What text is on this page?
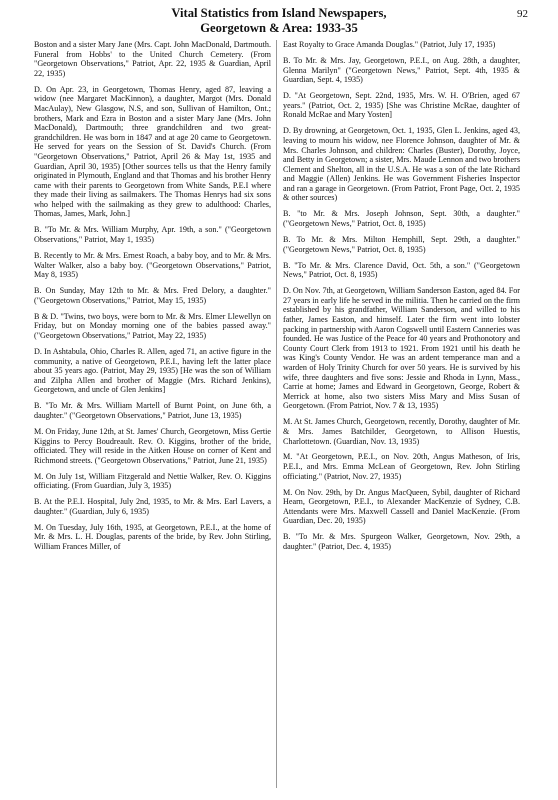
Vital Statistics from Island Newspapers,
Georgetown & Area: 1933-35
92

Boston and a sister Mary Jane (Mrs. Capt. John MacDonald, Dartmouth. Funeral from Hobbs' to the United Church Cemetery. (From "Georgetown Observations," Patriot, Apr. 22, 1935 & Guardian, April 22, 1935)

D. On Apr. 23, in Georgetown, Thomas Henry, aged 87, leaving a widow (nee Margaret MacKinnon), a daughter, Margot (Mrs. Donald MacAulay), New Glasgow, N.S, and son, Sullivan of Hamilton, Ont.; brothers, Mark and Ezra in Boston and a sister Mary Jane (Mrs. John MacDonald), Dartmouth; three grandchildren and two great-grandchildren. He was born in 1847 and at age 20 came to Georgetown. He served for years on the Session of St. David's Church. (From "Georgetown Observations," Patriot, April 26 & May 1st, 1935 and Guardian, April 30, 1935) [Other sources tells us that the Henry family originated in Plymouth, England and that Thomas and his brother Henry came with their parents to Georgetown from White Sands, P.E.I where they made their living as sailmakers. The Thomas Henrys had six sons who helped with the sailmaking as they grew to adulthood: Charles, Thomas, James, Mark, John.]

B. "To Mr. & Mrs. William Murphy, Apr. 19th, a son." ("Georgetown Observations," Patriot, May 1, 1935)

B. Recently to Mr. & Mrs. Ernest Roach, a baby boy, and to Mr. & Mrs. Walter Walker, also a baby boy. ("Georgetown Observations," Patriot, May 8, 1935)

B. On Sunday, May 12th to Mr. & Mrs. Fred Delory, a daughter." ("Georgetown Observations," Patriot, May 15, 1935)

B & D. "Twins, two boys, were born to Mr. & Mrs. Elmer Llewellyn on Friday, but on Monday morning one of the babies passed away." ("Georgetown Observations," Patriot, May 22, 1935)

D. In Ashtabula, Ohio, Charles R. Allen, aged 71, an active figure in the community, a native of Georgetown, P.E.I., having left the latter place about 35 years ago. (Patriot, May 29, 1935) [He was the son of William and Zilpha Allen and brother of Maggie (Mrs. Richard Jenkins), Georgetown, and uncle of Glen Jenkins]

B. "To Mr. & Mrs. William Martell of Burnt Point, on June 6th, a daughter." ("Georgetown Observations," Patriot, June 13, 1935)

M. On Friday, June 12th, at St. James' Church, Georgetown, Miss Gertie Kiggins to Percy Boudreault. Rev. O. Kiggins, brother of the bride, officiated. They will reside in the Aitken House on corner of Kent and Richmond streets. ("Georgetown Observations," Patriot, June 21, 1935)

M. On July 1st, William Fitzgerald and Nettie Walker, Rev. O. Kiggins officiating. (From Guardian, July 3, 1935)

B. At the P.E.I. Hospital, July 2nd, 1935, to Mr. & Mrs. Earl Lavers, a daughter." (Guardian, July 6, 1935)

M. On Tuesday, July 16th, 1935, at Georgetown, P.E.I., at the home of Mr. & Mrs. L. H. Douglas, parents of the bride, by Rev. John Stirling, William Frances Miller, of

East Royalty to Grace Amanda Douglas." (Patriot, July 17, 1935)

B. To Mr. & Mrs. Jay, Georgetown, P.E.I., on Aug. 28th, a daughter, Glenna Marilyn" ("Georgetown News," Patriot, Sept. 4th, 1935 & Guardian, Sept. 4, 1935)

D. "At Georgetown, Sept. 22nd, 1935, Mrs. W. H. O'Brien, aged 67 years." (Patriot, Oct. 2, 1935) [She was Christine McRae, daughter of Ronald McRae and Mary Yosten]

D. By drowning, at Georgetown, Oct. 1, 1935, Glen L. Jenkins, aged 43, leaving to mourn his widow, nee Florence Johnson, daughter of Mr. & Mrs. Charles Johnson, and children: Charles (Buster), Dorothy, Joyce, and Betty in Georgetown; a sister, Mrs. Maude Lennon and two brothers Clement and Shelton, all in the U.S.A. He was a son of the late Richard and Maggie (Allen) Jenkins. He was Government Fisheries Inspector and ran a garage in Georgetown. (From Patriot, Front Page, Oct. 2, 1935 & other sources)

B. "to Mr. & Mrs. Joseph Johnson, Sept. 30th, a daughter." ("Georgetown News," Patriot, Oct. 8, 1935)

B. To Mr. & Mrs. Milton Hemphill, Sept. 29th, a daughter." ("Georgetown News," Patriot, Oct. 8, 1935)

B. "To Mr. & Mrs. Clarence David, Oct. 5th, a son." ("Georgetown News," Patriot, Oct. 8, 1935)

D. On Nov. 7th, at Georgetown, William Sanderson Easton, aged 84. For 27 years in early life he served in the militia. Then he carried on the firm established by his grandfather, William Sanderson, and willed to his father, James Easton, and himself. Later the firm went into lobster packing in partnership with Aaron Cogswell until Eastern Canneries was founded. He was Justice of the Peace for 40 years and Prothonotory and County Court Clerk from 1913 to 1921. From 1921 until his death he was King's County Vendor. He was an ardent temperance man and a warden of Holy Trinity Church for over 50 years. He is survived by his wife, three daughters and five sons: Jessie and Rhoda in Lynn, Mass., Carrie at home; James and Edward in Georgetown, George, Robert & Merrick at home, also two sisters Miss Mary and Miss Susan of Georgetown. (From Patriot, Nov. 7 & 13, 1935)

M. At St. James Church, Georgetown, recently, Dorothy, daughter of Mr. & Mrs. James Batchilder, Georgetown, to Allison Huestis, Charlottetown. (Guardian, Nov. 13, 1935)

M. "At Georgetown, P.E.I., on Nov. 20th, Angus Matheson, of Iris, P.E.I., and Mrs. Emma McLean of Georgetown, Rev. John Stirling officiating." (Patriot, Nov. 27, 1935)

M. On Nov. 29th, by Dr. Angus MacQueen, Sybil, daughter of Richard Hearn, Georgetown, P.E.I., to Alexander MacKenzie of Sydney, C.B. Attendants were Mrs. Maxwell Cassell and Daniel MacKenzie. (From Guardian, Dec. 20, 1935)

B. "To Mr. & Mrs. Spurgeon Walker, Georgetown, Nov. 29th, a daughter." (Patriot, Dec. 4, 1935)
